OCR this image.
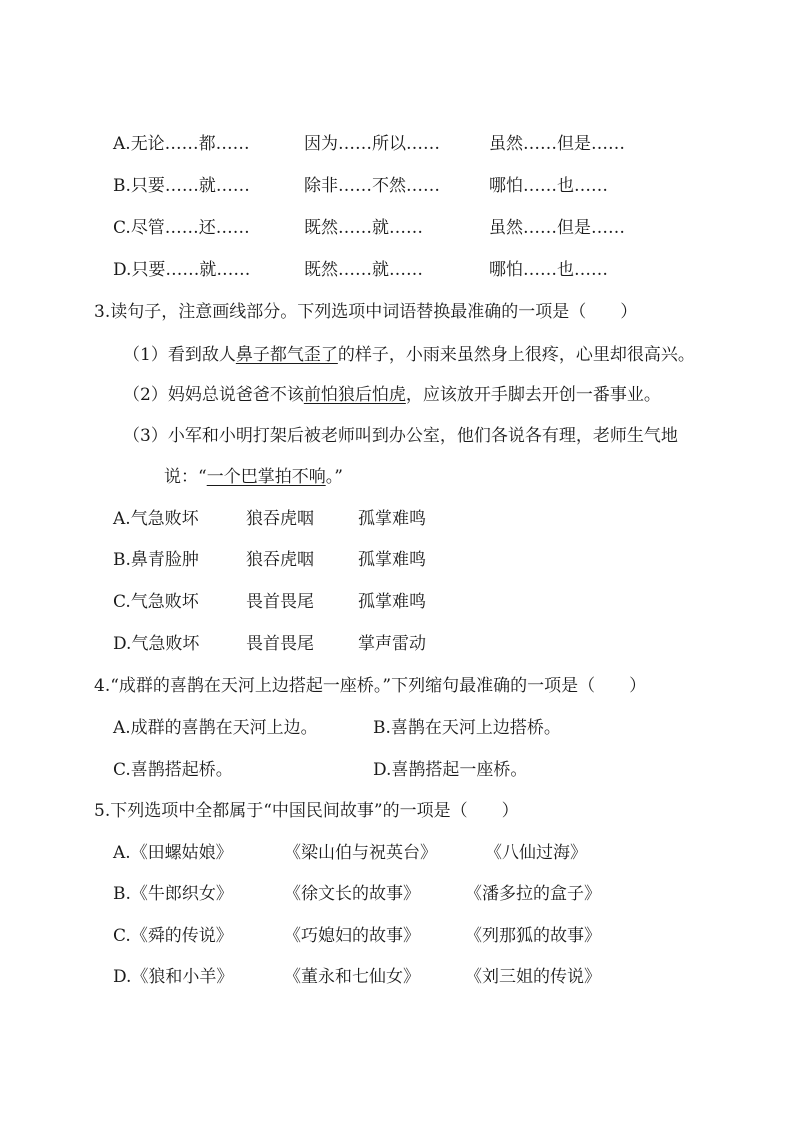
A.无论……都……	因为……所以……	虽然……但是……
B.只要……就……	除非……不然……	哪怕……也……
C.尽管……还……	既然……就……	虽然……但是……
D.只要……就……	既然……就……	哪怕……也……
3.读句子，注意画线部分。下列选项中词语替换最准确的一项是（　　）
（1）看到敌人鼻子都气歪了的样子，小雨来虽然身上很疼，心里却很高兴。
（2）妈妈总说爸爸不该前怕狼后怕虎，应该放开手脚去开创一番事业。
（3）小军和小明打架后被老师叫到办公室，他们各说各有理，老师生气地
说：“一个巴掌拍不响。”
A.气急败坏	狼吞虎咽	孤掌难鸣
B.鼻青脸肿	狼吞虎咽	孤掌难鸣
C.气急败坏	畏首畏尾	孤掌难鸣
D.气急败坏	畏首畏尾	掌声雷动
4.“成群的喜鹊在天河上边搭起一座桥。”下列缩句最准确的一项是（　　）
A.成群的喜鹊在天河上边。	B.喜鹊在天河上边搭桥。
C.喜鹊搭起桥。	D.喜鹊搭起一座桥。
5.下列选项中全都属于“中国民间故事”的一项是（　　）
A.《田螺姑娘》	《梁山伯与祝英台》	《八仙过海》
B.《牛郎织女》	《徐文长的故事》	《潘多拉的盒子》
C.《舜的传说》	《巧媳妇的故事》	《列那狐的故事》
D.《狼和小羊》	《董永和七仙女》	《刘三姐的传说》
